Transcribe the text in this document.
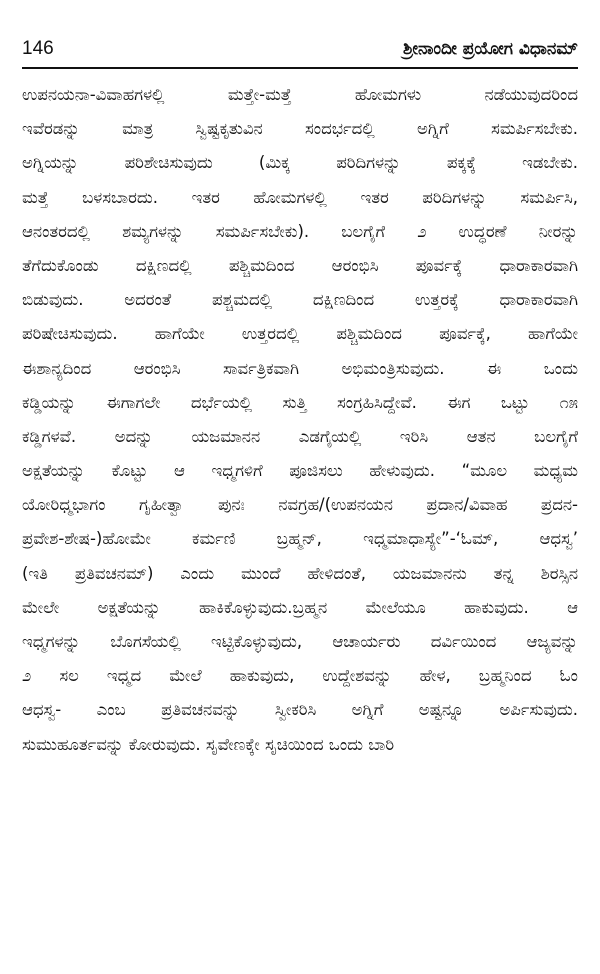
146	ಶ್ರೀನಾಂದೀ ಪ್ರಯೋಗ ವಿಧಾನಮ್
ಉಪನಯನಾ-ವಿವಾಹಗಳಲ್ಲಿ ಮತ್ತೇ-ಮತ್ತೆ ಹೋಮಗಳು ನಡೆಯುವುದರಿಂದ
ಇವೆರಡನ್ನು ಮಾತ್ರ ಸ್ವಿಷ್ಟಕೃತುವಿನ ಸಂದರ್ಭದಲ್ಲಿ ಅಗ್ನಿಗೆ ಸಮರ್ಪಿಸಬೇಕು.
ಅಗ್ನಿಯನ್ನು ಪರಿಶೇಚಿಸುವುದು (ಮಿಕ್ಕ ಪರಿದಿಗಳನ್ನು ಪಕ್ಕಕ್ಕೆ ಇಡಬೇಕು.
ಮತ್ತೆ ಬಳಸಬಾರದು. ಇತರ ಹೋಮಗಳಲ್ಲಿ ಇತರ ಪರಿದಿಗಳನ್ನು ಸಮರ್ಪಿಸಿ,
ಆನಂತರದಲ್ಲಿ ಶಮ್ಯಗಳನ್ನು ಸಮರ್ಪಿಸಬೇಕು). ಬಲಗೈಗೆ ೨ ಉದ್ಧರಣೆ ನೀರನ್ನು
ತೆಗೆದುಕೊಂಡು ದಕ್ಷಿಣದಲ್ಲಿ ಪಶ್ಚಿಮದಿಂದ ಆರಂಭಿಸಿ ಪೂರ್ವಕ್ಕೆ ಧಾರಾಕಾರವಾಗಿ
ಬಿಡುವುದು. ಅದರಂತೆ ಪಶ್ಚಮದಲ್ಲಿ ದಕ್ಷಿಣದಿಂದ ಉತ್ತರಕ್ಕೆ ಧಾರಾಕಾರವಾಗಿ
ಪರಿಷೇಚಿಸುವುದು. ಹಾಗೆಯೇ ಉತ್ತರದಲ್ಲಿ ಪಶ್ಚಿಮದಿಂದ ಪೂರ್ವಕ್ಕೆ, ಹಾಗೆಯೇ
ಈಶಾನ್ಯದಿಂದ ಆರಂಭಿಸಿ ಸಾರ್ವತ್ರಿಕವಾಗಿ ಅಭಿಮಂತ್ರಿಸುವುದು. ಈ ಒಂದು
ಕಡ್ಡಿಯನ್ನು ಈಗಾಗಲೇ ದರ್ಭೆಯಲ್ಲಿ ಸುತ್ತಿ ಸಂಗ್ರಹಿಸಿದ್ದೇವೆ. ಈಗ ಒಟ್ಟು ೧೫
ಕಡ್ಡಿಗಳವೆ. ಅದನ್ನು ಯಜಮಾನನ ಎಡಗೈಯಲ್ಲಿ ಇರಿಸಿ ಆತನ ಬಲಗೈಗೆ
ಅಕ್ಷತೆಯನ್ನು ಕೊಟ್ಟು ಆ ಇಧ್ಮಗಳಿಗೆ ಪೂಜಿಸಲು ಹೇಳುವುದು. “ಮೂಲ ಮಧ್ಯಮ
ಯೋರಿಧ್ಮಭಾಗಂ ಗೃಹೀತ್ವಾ ಪುನಃ ನವಗ್ರಹ/(ಉಪನಯನ ಪ್ರದಾನ/ವಿವಾಹ ಪ್ರದನ-
ಪ್ರವೇಶ-ಶೇಷ-)ಹೋಮೇ ಕರ್ಮಣಿ ಬ್ರಹ್ಮನ್, ಇಧ್ಮಮಾಧಾಸ್ಯೇ”-‘ಓಮ್, ಆಧಸ್ವ’
(ಇತಿ ಪ್ರತಿವಚನಮ್) ಎಂದು ಮುಂದೆ ಹೇಳಿದಂತೆ, ಯಜಮಾನನು ತನ್ನ ಶಿರಸ್ಸಿನ
ಮೇಲೇ ಅಕ್ಷತೆಯನ್ನು ಹಾಕಿಕೊಳ್ಳುವುದು.ಬ್ರಹ್ಮನ ಮೇಲೆಯೂ ಹಾಕುವುದು. ಆ
ಇಧ್ಮಗಳನ್ನು ಬೊಗಸೆಯಲ್ಲಿ ಇಟ್ಟಿಕೊಳ್ಳುವುದು, ಆಚಾರ್ಯರು ದರ್ವಿಯಿಂದ ಆಜ್ಯವನ್ನು
೨ ಸಲ ಇಧ್ಮದ ಮೇಲೆ ಹಾಕುವುದು, ಉದ್ದೇಶವನ್ನು ಹೇಳ, ಬ್ರಹ್ಮನಿಂದ ಓಂ
ಆಧಸ್ವ- ಎಂಬ ಪ್ರತಿವಚನವನ್ನು ಸ್ವೀಕರಿಸಿ ಅಗ್ನಿಗೆ ಅಷ್ಟನ್ನೂ ಅರ್ಪಿಸುವುದು.
ಸುಮುಹೂರ್ತವನ್ನು ಕೋರುವುದು. ಸೃವೇಣಕ್ಕೇ ಸೃಚಿಯಿಂದ ಒಂದು ಬಾರಿ
